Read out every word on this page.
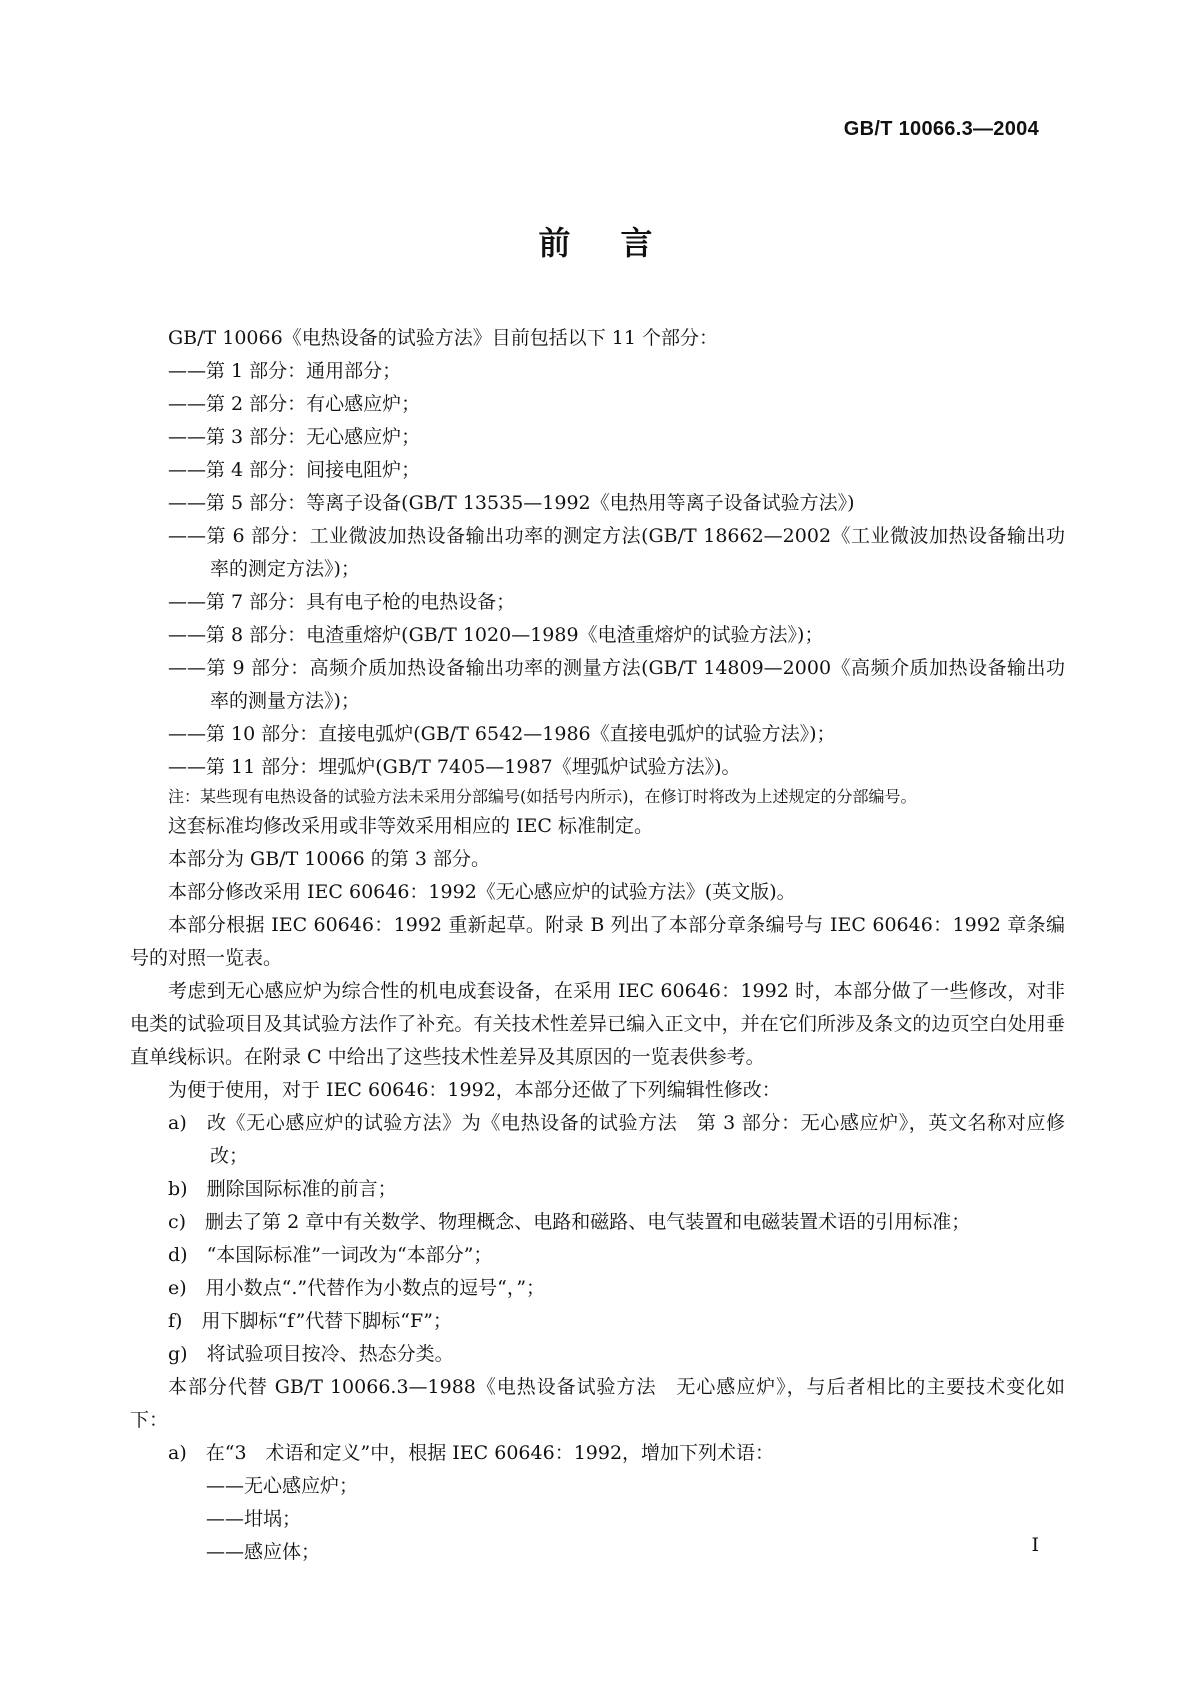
GB/T 10066.3—2004
前言

GB/T 10066《电热设备的试验方法》目前包括以下 11 个部分：

——第 1 部分：通用部分；

——第 2 部分：有心感应炉；

——第 3 部分：无心感应炉；

——第 4 部分：间接电阻炉；

——第 5 部分：等离子设备(GB/T 13535—1992《电热用等离子设备试验方法》)

——第 6 部分：工业微波加热设备输出功率的测定方法(GB/T 18662—2002《工业微波加热设备输出功率的测定方法》)；

——第 7 部分：具有电子枪的电热设备；

——第 8 部分：电渣重熔炉(GB/T 1020—1989《电渣重熔炉的试验方法》)；

——第 9 部分：高频介质加热设备输出功率的测量方法(GB/T 14809—2000《高频介质加热设备输出功率的测量方法》)；

——第 10 部分：直接电弧炉(GB/T 6542—1986《直接电弧炉的试验方法》)；

——第 11 部分：埋弧炉(GB/T 7405—1987《埋弧炉试验方法》)。

注：某些现有电热设备的试验方法未采用分部编号(如括号内所示)，在修订时将改为上述规定的分部编号。

这套标准均修改采用或非等效采用相应的 IEC 标准制定。

本部分为 GB/T 10066 的第 3 部分。

本部分修改采用 IEC 60646：1992《无心感应炉的试验方法》(英文版)。

本部分根据 IEC 60646：1992 重新起草。附录 B 列出了本部分章条编号与 IEC 60646：1992 章条编号的对照一览表。

考虑到无心感应炉为综合性的机电成套设备，在采用 IEC 60646：1992 时，本部分做了一些修改，对非电类的试验项目及其试验方法作了补充。有关技术性差异已编入正文中，并在它们所涉及条文的边页空白处用垂直单线标识。在附录 C 中给出了这些技术性差异及其原因的一览表供参考。

为便于使用，对于 IEC 60646：1992，本部分还做了下列编辑性修改：

a)　改《无心感应炉的试验方法》为《电热设备的试验方法　第 3 部分：无心感应炉》，英文名称对应修改；

b)　删除国际标准的前言；

c)　删去了第 2 章中有关数学、物理概念、电路和磁路、电气装置和电磁装置术语的引用标准；

d)　“本国际标准”一词改为“本部分”；

e)　用小数点“.”代替作为小数点的逗号“，”；

f)　用下脚标“f”代替下脚标“F”；

g)　将试验项目按冷、热态分类。

本部分代替 GB/T 10066.3—1988《电热设备试验方法　无心感应炉》，与后者相比的主要技术变化如下：

a)　在“3　术语和定义”中，根据 IEC 60646：1992，增加下列术语：

——无心感应炉；

——坩埚；

——感应体；	I
